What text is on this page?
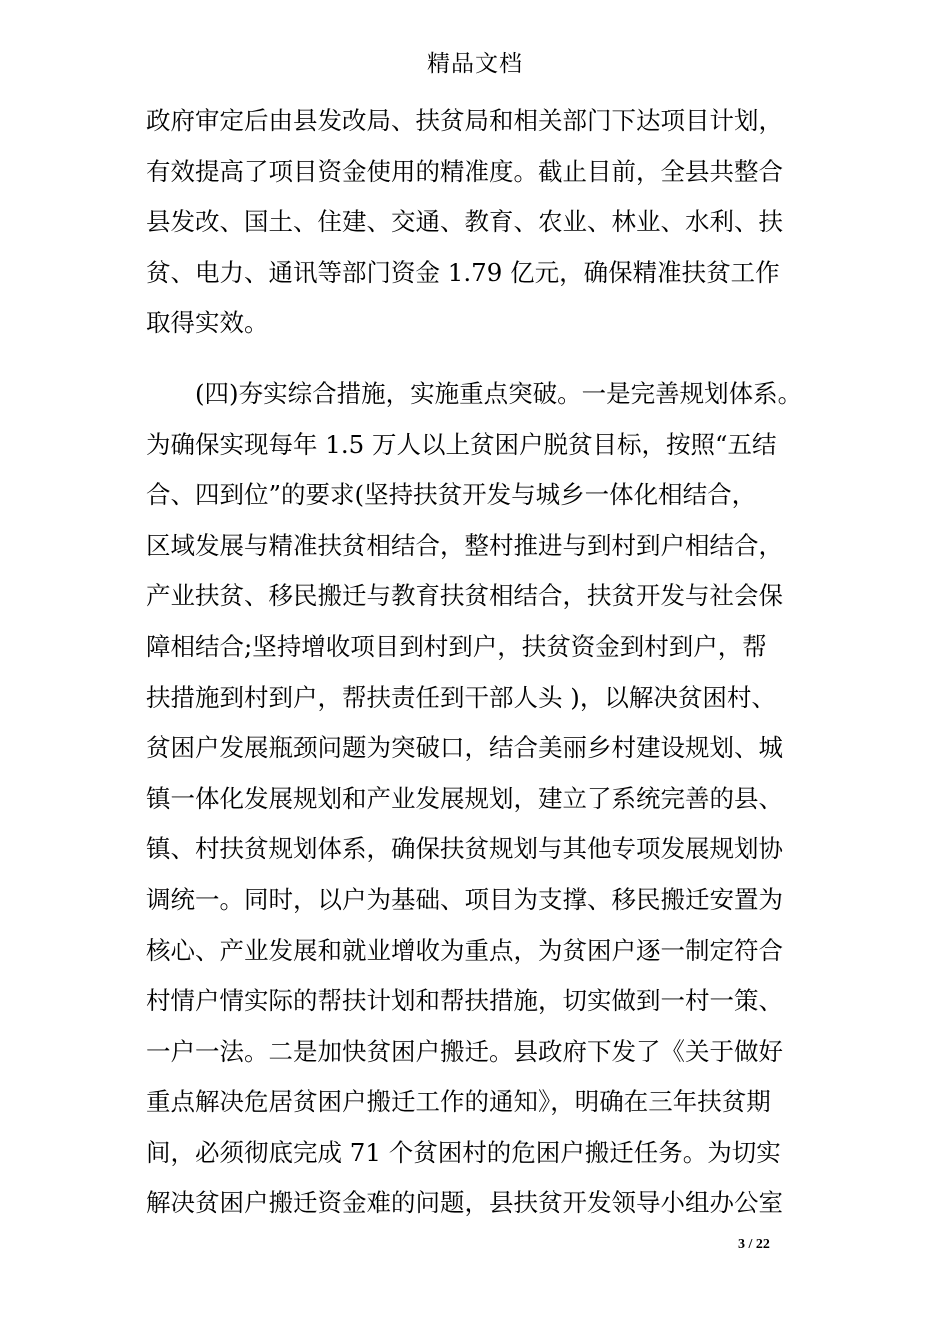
精品文档
政府审定后由县发改局、扶贫局和相关部门下达项目计划，
有效提高了项目资金使用的精准度。截止目前，全县共整合
县发改、国土、住建、交通、教育、农业、林业、水利、扶
贫、电力、通讯等部门资金 1.79 亿元，确保精准扶贫工作
取得实效。
(四)夯实综合措施，实施重点突破。一是完善规划体系。
为确保实现每年 1.5 万人以上贫困户脱贫目标，按照“五结
合、四到位”的要求(坚持扶贫开发与城乡一体化相结合，
区域发展与精准扶贫相结合，整村推进与到村到户相结合，
产业扶贫、移民搬迁与教育扶贫相结合，扶贫开发与社会保
障相结合;坚持增收项目到村到户，扶贫资金到村到户，帮
扶措施到村到户，帮扶责任到干部人头 )，以解决贫困村、
贫困户发展瓶颈问题为突破口，结合美丽乡村建设规划、城
镇一体化发展规划和产业发展规划，建立了系统完善的县、
镇、村扶贫规划体系，确保扶贫规划与其他专项发展规划协
调统一。同时，以户为基础、项目为支撑、移民搬迁安置为
核心、产业发展和就业增收为重点，为贫困户逐一制定符合
村情户情实际的帮扶计划和帮扶措施，切实做到一村一策、
一户一法。二是加快贫困户搬迁。县政府下发了《关于做好
重点解决危居贫困户搬迁工作的通知》，明确在三年扶贫期
间，必须彻底完成 71 个贫困村的危困户搬迁任务。为切实
解决贫困户搬迁资金难的问题，县扶贫开发领导小组办公室
3 / 22
